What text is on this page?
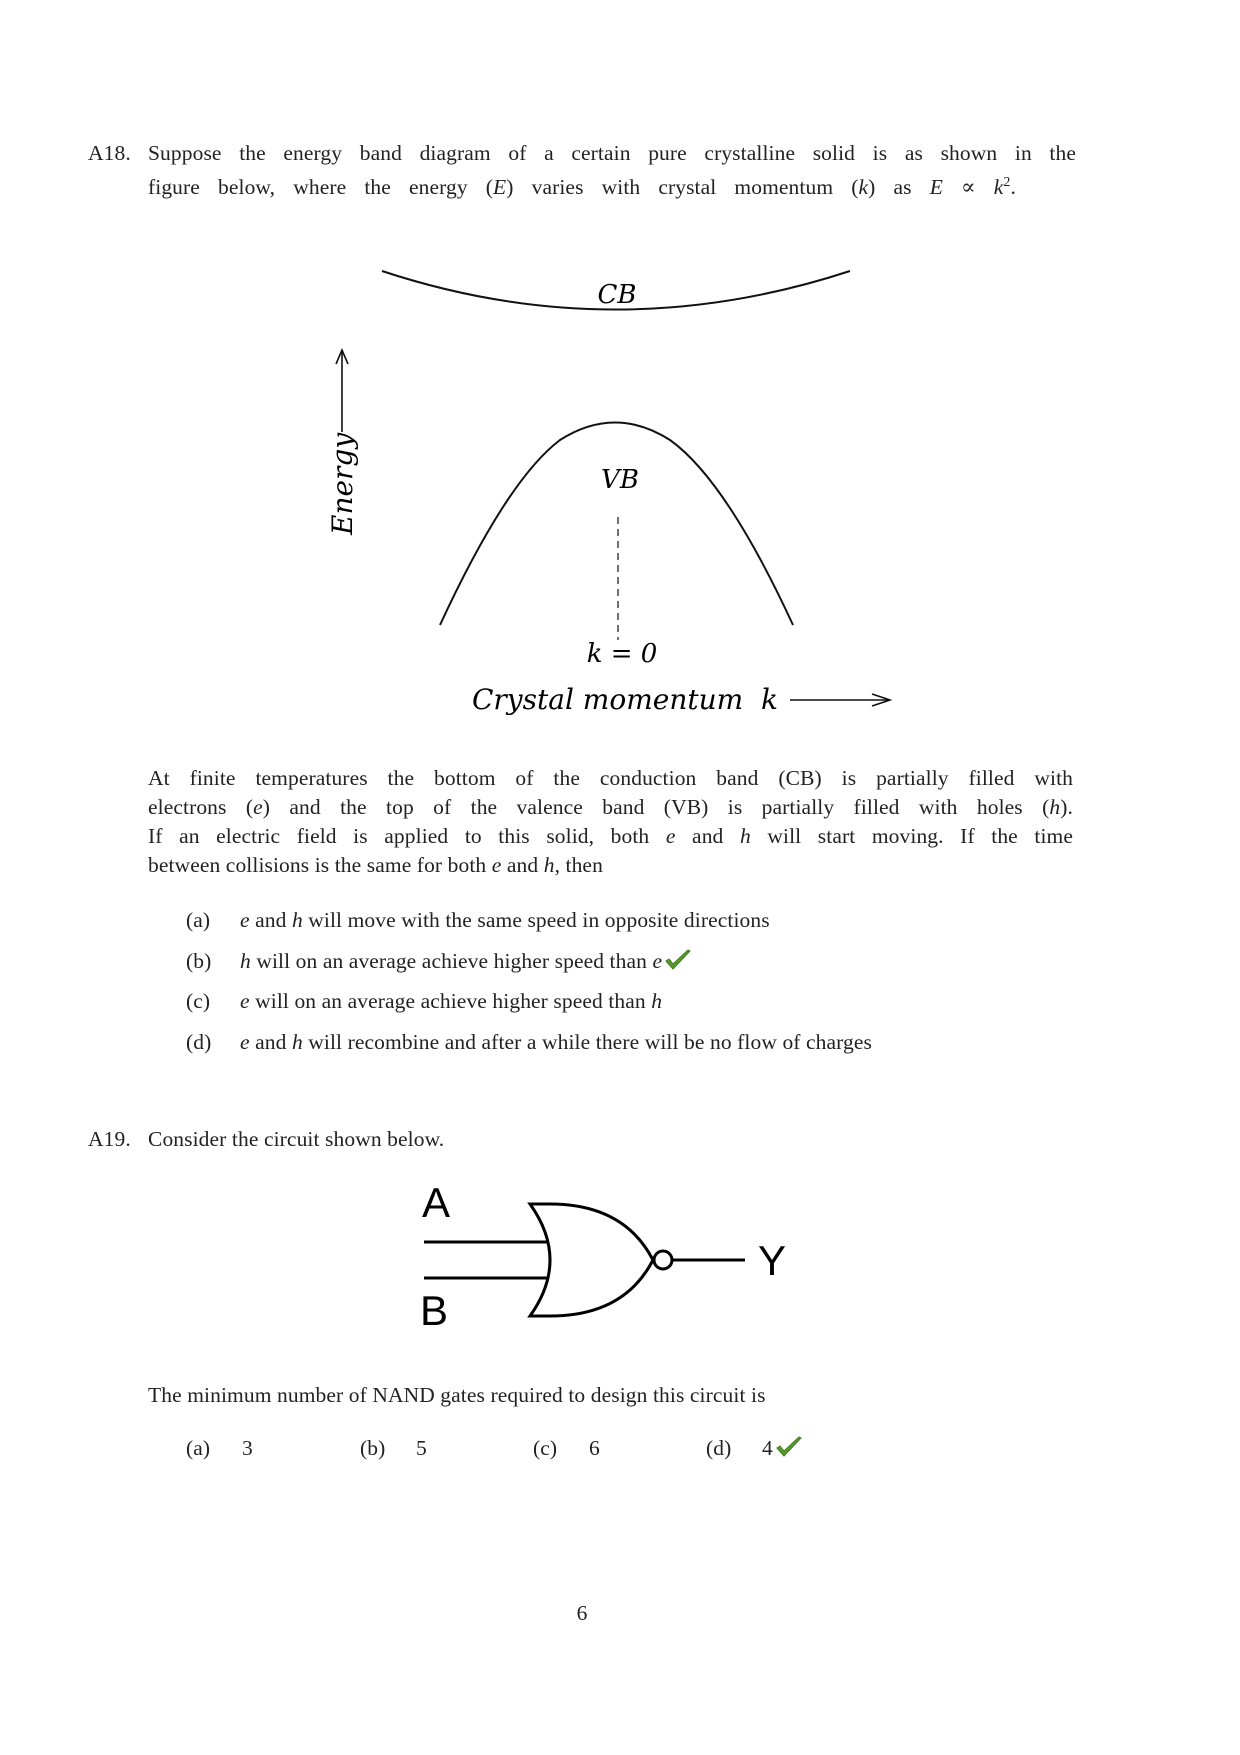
A18. Suppose the energy band diagram of a certain pure crystalline solid is as shown in the
figure below, where the energy (E) varies with crystal momentum (k) as $E \propto k^2$.
CB
VB
Energy
k = 0
Crystal momentum  k
At finite temperatures the bottom of the conduction band (CB) is partially filled with
electrons (e) and the top of the valence band (VB) is partially filled with holes (h).
If an electric field is applied to this solid, both e and h will start moving. If the time
between collisions is the same for both e and h, then
(a) e and h will move with the same speed in opposite directions
(b) h will on an average achieve higher speed than e
(c) e will on an average achieve higher speed than h
(d) e and h will recombine and after a while there will be no flow of charges
A19. Consider the circuit shown below.
A
B
Y
The minimum number of NAND gates required to design this circuit is
(a) 3	(b) 5	(c) 6	(d) 4
6
